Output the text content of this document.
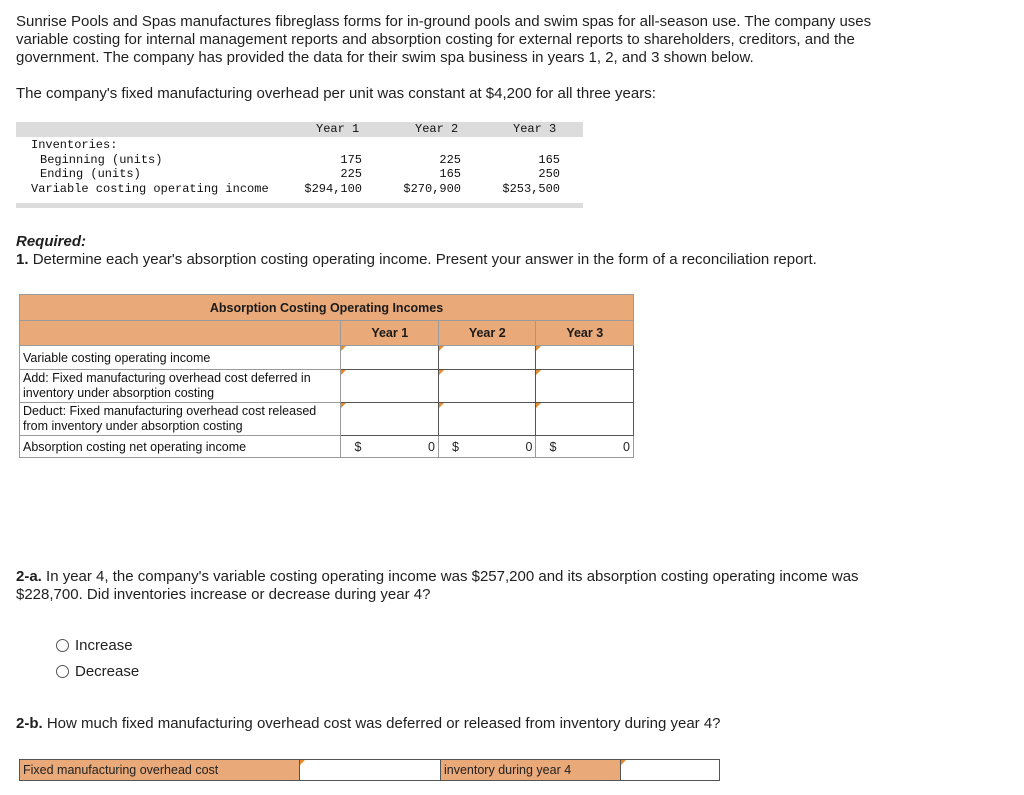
Sunrise Pools and Spas manufactures fibreglass forms for in-ground pools and swim spas for all-season use. The company uses variable costing for internal management reports and absorption costing for external reports to shareholders, creditors, and the government. The company has provided the data for their swim spa business in years 1, 2, and 3 shown below.
The company's fixed manufacturing overhead per unit was constant at $4,200 for all three years:
Year 1	Year 2	Year 3
Inventories:
Beginning (units)	175	225	165
Ending (units)	225	165	250
Variable costing operating income	$294,100	$270,900	$253,500
Required:
1. Determine each year's absorption costing operating income. Present your answer in the form of a reconciliation report.
Absorption Costing Operating Incomes			
	Year 1	Year 2	Year 3
Variable costing operating income	

Add: Fixed manufacturing overhead cost deferred in inventory under absorption costing	

Deduct: Fixed manufacturing overhead cost released from inventory under absorption costing	

Absorption costing net operating income	$ 0	$ 0	$ 0
2-a. In year 4, the company's variable costing operating income was $257,200 and its absorption costing operating income was $228,700. Did inventories increase or decrease during year 4?
Increase
Decrease
2-b. How much fixed manufacturing overhead cost was deferred or released from inventory during year 4?
Fixed manufacturing overhead cost	inventory during year 4
